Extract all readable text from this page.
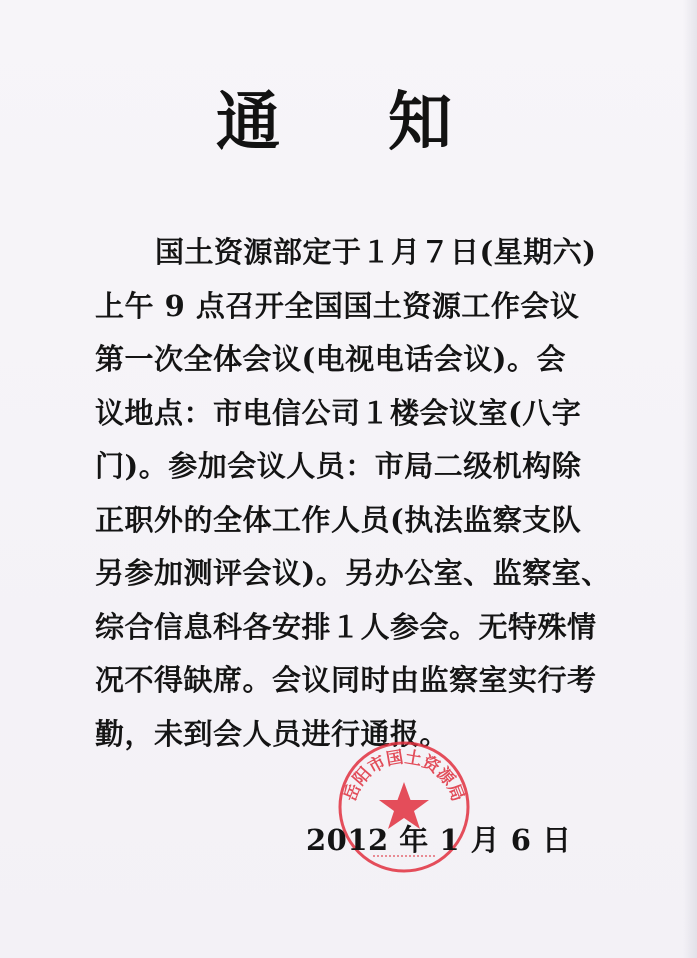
通 知
国土资源部定于１月７日(星期六)
上午 9 点召开全国国土资源工作会议
第一次全体会议(电视电话会议)。会
议地点：市电信公司１楼会议室(八字
门)。参加会议人员：市局二级机构除
正职外的全体工作人员(执法监察支队
另参加测评会议)。另办公室、监察室、
综合信息科各安排１人参会。无特殊情
况不得缺席。会议同时由监察室实行考
勤，未到会人员进行通报。
岳阳市国土资源局
2012 年 1 月 6 日
